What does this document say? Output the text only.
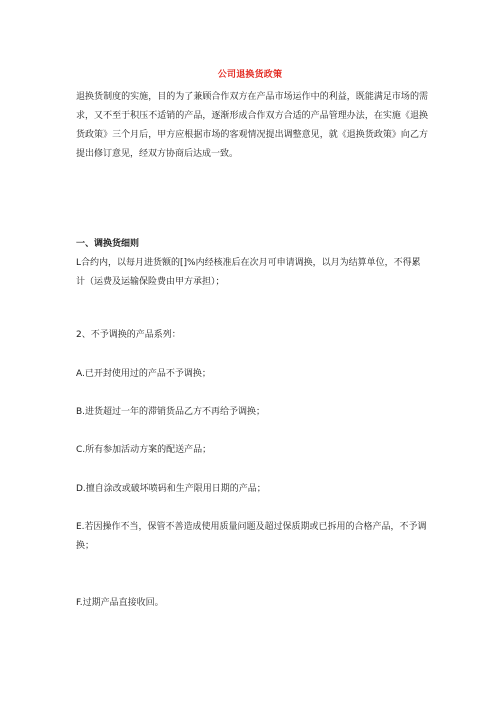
公司退换货政策

退换货制度的实施，目的为了兼顾合作双方在产品市场运作中的利益，既能满足市场的需求，又不至于积压不适销的产品，逐渐形成合作双方合适的产品管理办法，在实施《退换货政策》三个月后，甲方应根据市场的客观情况提出调整意见，就《退换货政策》向乙方提出修订意见，经双方协商后达成一致。

一、调换货细则

L合约内，以每月进货额的[]%内经核准后在次月可申请调换，以月为结算单位，不得累计（运费及运输保险费由甲方承担）；

2、不予调换的产品系列：

A.已开封使用过的产品不予调换；

B.进货超过一年的滞销货品乙方不再给予调换；

C.所有参加活动方案的配送产品；

D.擅自涂改或破坏喷码和生产限用日期的产品；

E.若因操作不当，保管不善造成使用质量问题及超过保质期或已拆用的合格产品，不予调换；

F.过期产品直接收回。
